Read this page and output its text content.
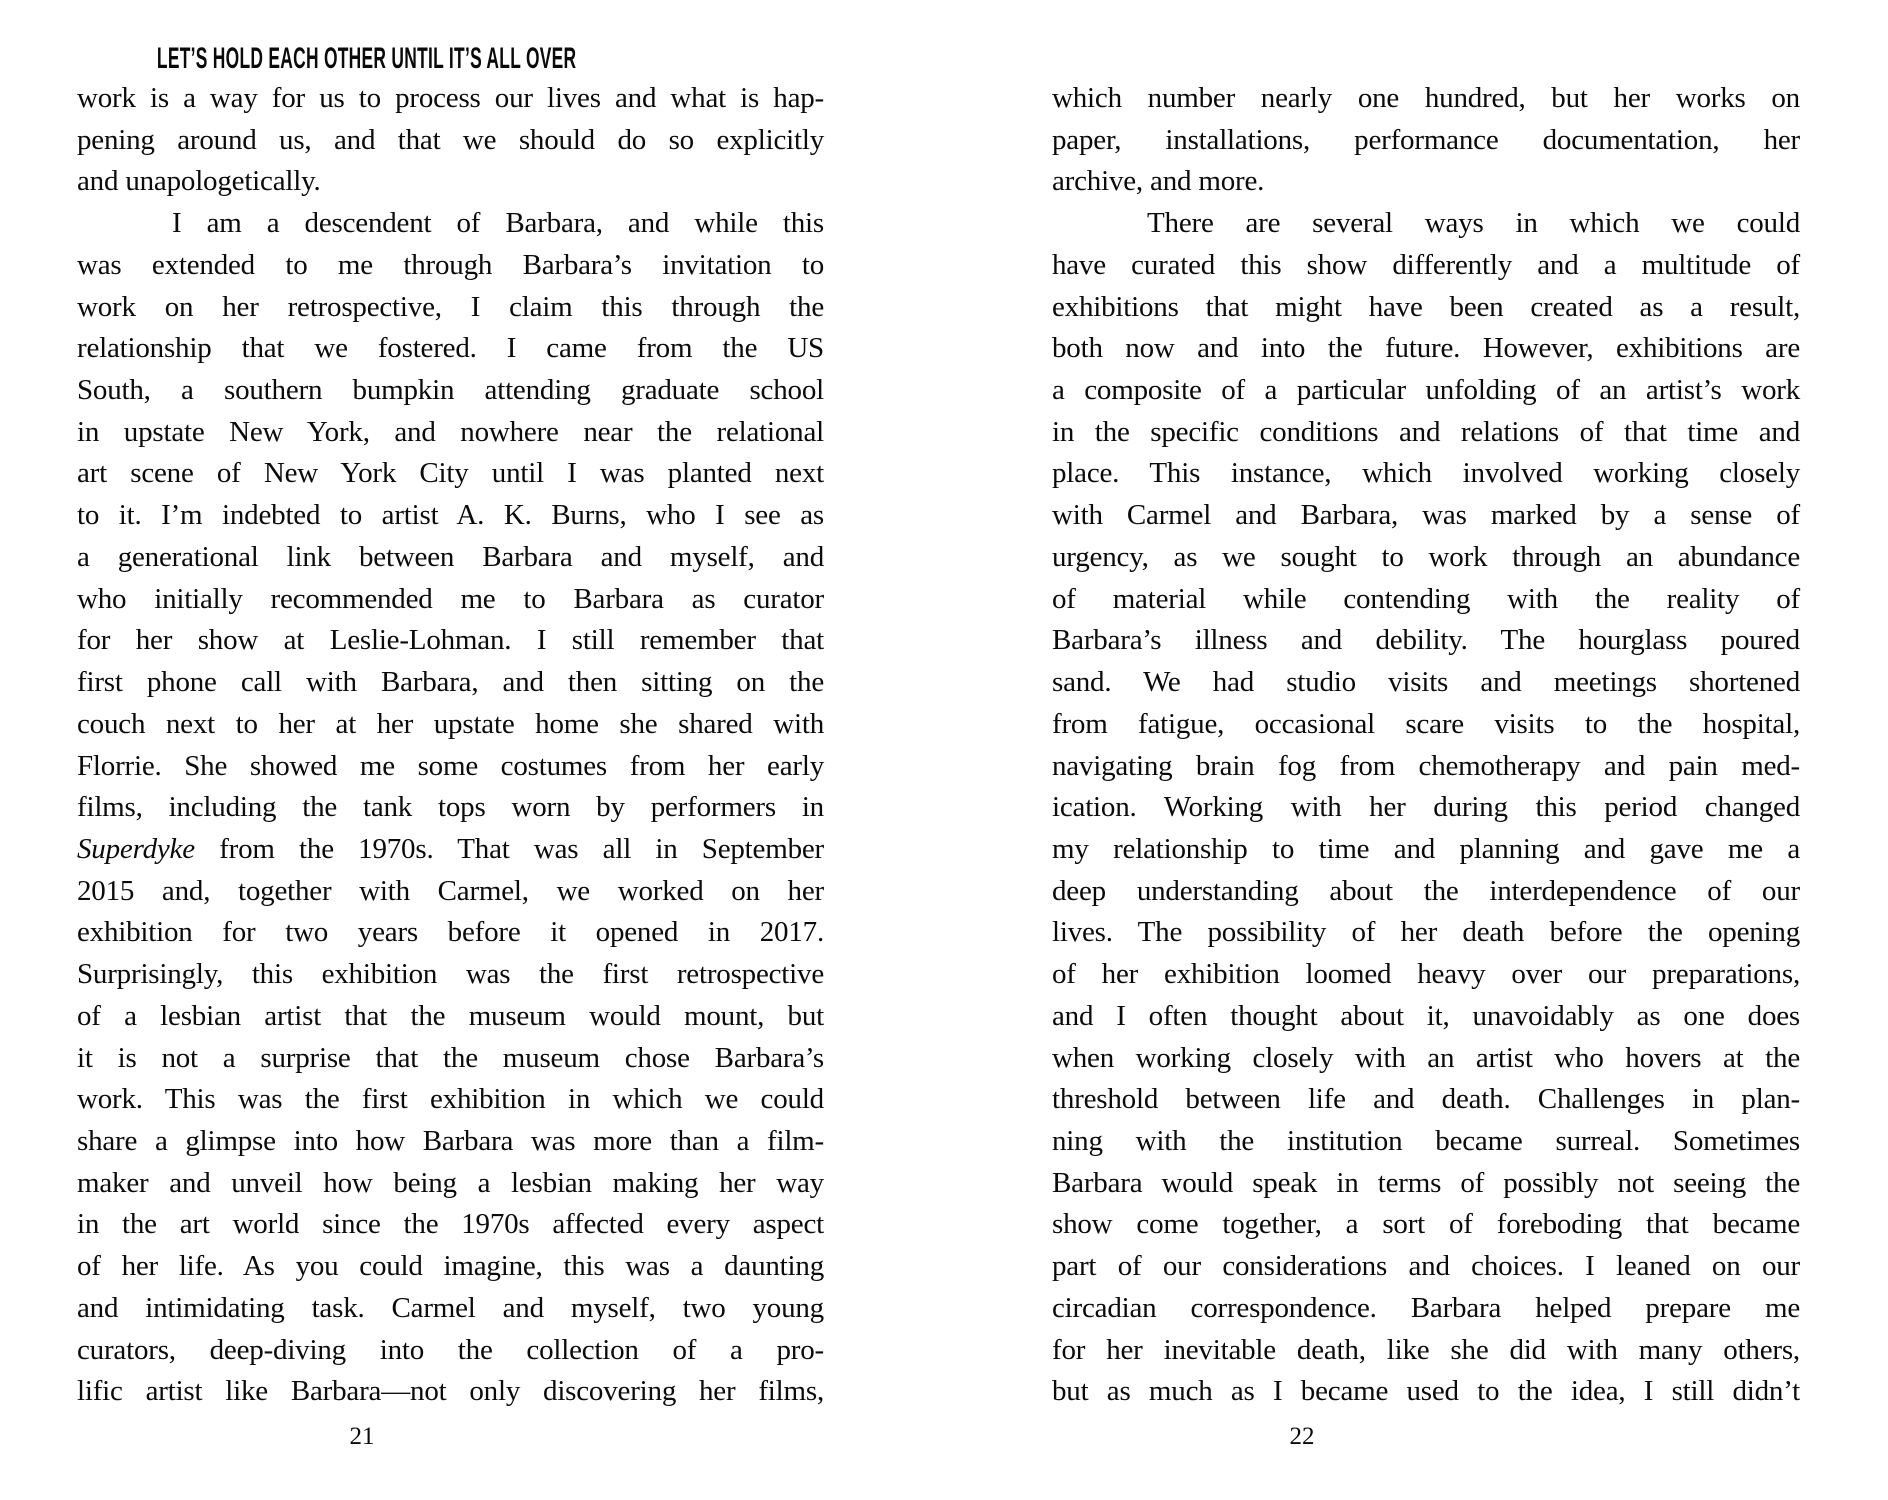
LET’S HOLD EACH OTHER UNTIL IT’S ALL OVER
work is a way for us to process our lives and what is hap-
pening around us, and that we should do so explicitly
and unapologetically.
I am a descendent of Barbara, and while this
was extended to me through Barbara’s invitation to
work on her retrospective, I claim this through the
relationship that we fostered. I came from the US
South, a southern bumpkin attending graduate school
in upstate New York, and nowhere near the relational
art scene of New York City until I was planted next
to it. I’m indebted to artist A. K. Burns, who I see as
a generational link between Barbara and myself, and
who initially recommended me to Barbara as curator
for her show at Leslie-Lohman. I still remember that
first phone call with Barbara, and then sitting on the
couch next to her at her upstate home she shared with
Florrie. She showed me some costumes from her early
films, including the tank tops worn by performers in
Superdyke from the 1970s. That was all in September
2015 and, together with Carmel, we worked on her
exhibition for two years before it opened in 2017.
Surprisingly, this exhibition was the first retrospective
of a lesbian artist that the museum would mount, but
it is not a surprise that the museum chose Barbara’s
work. This was the first exhibition in which we could
share a glimpse into how Barbara was more than a film-
maker and unveil how being a lesbian making her way
in the art world since the 1970s affected every aspect
of her life. As you could imagine, this was a daunting
and intimidating task. Carmel and myself, two young
curators, deep-diving into the collection of a pro-
lific artist like Barbara—not only discovering her films,
21
which number nearly one hundred, but her works on
paper, installations, performance documentation, her
archive, and more.
There are several ways in which we could
have curated this show differently and a multitude of
exhibitions that might have been created as a result,
both now and into the future. However, exhibitions are
a composite of a particular unfolding of an artist’s work
in the specific conditions and relations of that time and
place. This instance, which involved working closely
with Carmel and Barbara, was marked by a sense of
urgency, as we sought to work through an abundance
of material while contending with the reality of
Barbara’s illness and debility. The hourglass poured
sand. We had studio visits and meetings shortened
from fatigue, occasional scare visits to the hospital,
navigating brain fog from chemotherapy and pain med-
ication. Working with her during this period changed
my relationship to time and planning and gave me a
deep understanding about the interdependence of our
lives. The possibility of her death before the opening
of her exhibition loomed heavy over our preparations,
and I often thought about it, unavoidably as one does
when working closely with an artist who hovers at the
threshold between life and death. Challenges in plan-
ning with the institution became surreal. Sometimes
Barbara would speak in terms of possibly not seeing the
show come together, a sort of foreboding that became
part of our considerations and choices. I leaned on our
circadian correspondence. Barbara helped prepare me
for her inevitable death, like she did with many others,
but as much as I became used to the idea, I still didn’t
22
